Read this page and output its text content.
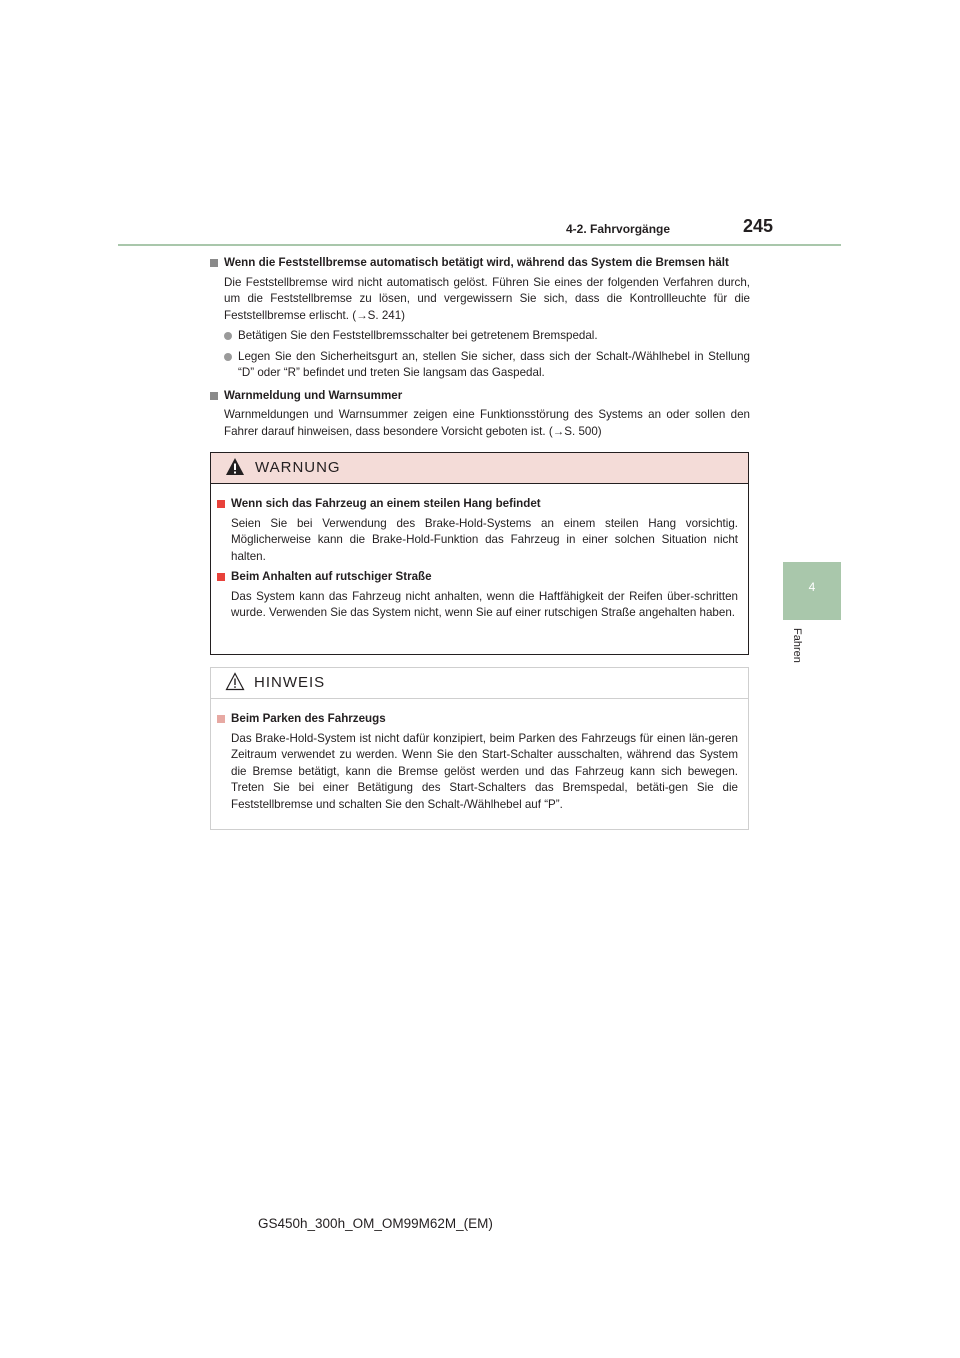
4-2. Fahrvorgänge	245
4
Fahren
Wenn die Feststellbremse automatisch betätigt wird, während das System die Bremsen hält
Die Feststellbremse wird nicht automatisch gelöst. Führen Sie eines der folgenden Verfahren durch, um die Feststellbremse zu lösen, und vergewissern Sie sich, dass die Kontrollleuchte für die Feststellbremse erlischt. (→S. 241)
Betätigen Sie den Feststellbremsschalter bei getretenem Bremspedal.
Legen Sie den Sicherheitsgurt an, stellen Sie sicher, dass sich der Schalt-/Wählhebel in Stellung “D” oder “R” befindet und treten Sie langsam das Gaspedal.
Warnmeldung und Warnsummer
Warnmeldungen und Warnsummer zeigen eine Funktionsstörung des Systems an oder sollen den Fahrer darauf hinweisen, dass besondere Vorsicht geboten ist. (→S. 500)
WARNUNG
Wenn sich das Fahrzeug an einem steilen Hang befindet
Seien Sie bei Verwendung des Brake-Hold-Systems an einem steilen Hang vorsichtig. Möglicherweise kann die Brake-Hold-Funktion das Fahrzeug in einer solchen Situation nicht halten.
Beim Anhalten auf rutschiger Straße
Das System kann das Fahrzeug nicht anhalten, wenn die Haftfähigkeit der Reifen über-schritten wurde. Verwenden Sie das System nicht, wenn Sie auf einer rutschigen Straße angehalten haben.
HINWEIS
Beim Parken des Fahrzeugs
Das Brake-Hold-System ist nicht dafür konzipiert, beim Parken des Fahrzeugs für einen län-geren Zeitraum verwendet zu werden. Wenn Sie den Start-Schalter ausschalten, während das System die Bremse betätigt, kann die Bremse gelöst werden und das Fahrzeug kann sich bewegen. Treten Sie bei einer Betätigung des Start-Schalters das Bremspedal, betäti-gen Sie die Feststellbremse und schalten Sie den Schalt-/Wählhebel auf “P”.
GS450h_300h_OM_OM99M62M_(EM)
